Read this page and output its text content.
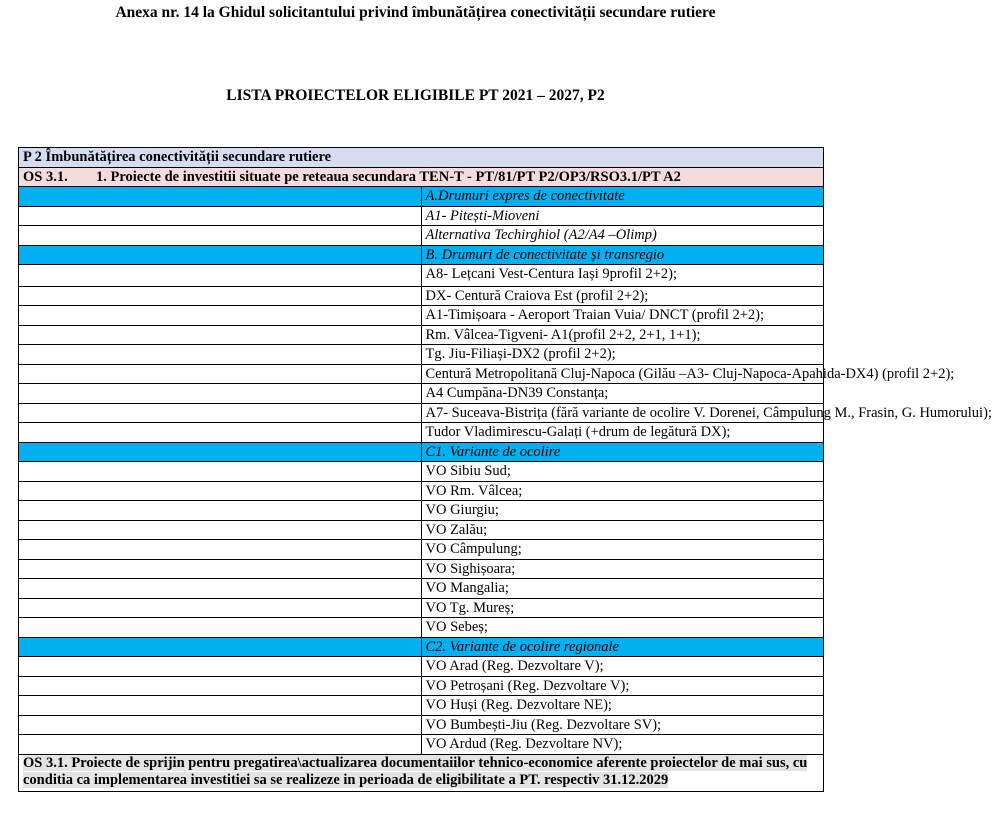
Anexa nr. 14 la Ghidul solicitantului privind îmbunătățirea conectivității secundare rutiere
LISTA PROIECTELOR ELIGIBILE PT 2021 – 2027, P2
P 2 Îmbunătățirea conectivității secundare rutiere	
OS 3.1. 1. Proiecte de investitii situate pe reteaua secundara TEN-T - PT/81/PT P2/OP3/RSO3.1/PT A2	
	A.Drumuri expres de conectivitate
	A1- Pitești-Mioveni
	Alternativa Techirghiol (A2/A4 –Olimp)
	B. Drumuri de conectivitate și transregio
	A8- Lețcani Vest-Centura Iași 9profil 2+2);
	DX- Centură Craiova Est (profil 2+2);
	A1-Timișoara - Aeroport Traian Vuia/ DNCT (profil 2+2);
	Rm. Vâlcea-Tigveni- A1(profil 2+2, 2+1, 1+1);
	Tg. Jiu-Filiași-DX2 (profil 2+2);
	Centură Metropolitană Cluj-Napoca (Gilău –A3- Cluj-Napoca-Apahida-DX4) (profil 2+2);
	A4 Cumpăna-DN39 Constanța;
	A7- Suceava-Bistrița (fără variante de ocolire V. Dorenei, Câmpulung M., Frasin, G. Humorului);
	Tudor Vladimirescu-Galați (+drum de legătură DX);
	C1. Variante de ocolire
	VO Sibiu Sud;
	VO Rm. Vâlcea;
	VO Giurgiu;
	VO Zalău;
	VO Câmpulung;
	VO Sighișoara;
	VO Mangalia;
	VO Tg. Mureș;
	VO Sebeș;
	C2. Variante de ocolire regionale
	VO Arad (Reg. Dezvoltare V);
	VO Petroșani (Reg. Dezvoltare V);
	VO Huși (Reg. Dezvoltare NE);
	VO Bumbești-Jiu (Reg. Dezvoltare SV);
	VO Ardud (Reg. Dezvoltare NV);
OS 3.1. Proiecte de sprijin pentru pregatirea\actualizarea documentaiilor tehnico-economice aferente proiectelor de mai sus, cu conditia ca implementarea investitiei sa se realizeze in perioada de eligibilitate a PT. respectiv 31.12.2029	
